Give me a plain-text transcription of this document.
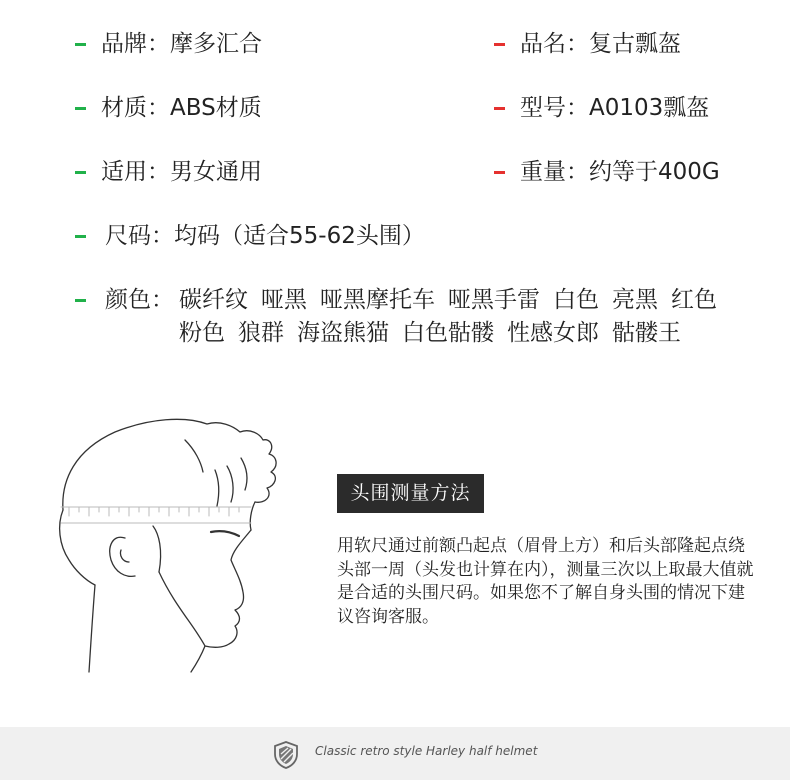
品牌：摩多汇合	品名：复古瓢盔
材质：ABS材质	型号：A0103瓢盔
适用：男女通用	重量：约等于400G
尺码：均码（适合55-62头围）
颜色： 碳纤纹 哑黑 哑黑摩托车 哑黑手雷 白色 亮黑 红色
粉色 狼群 海盗熊猫 白色骷髅 性感女郎 骷髅王
头围测量方法
用软尺通过前额凸起点（眉骨上方）和后头部隆起点绕头部一周（头发也计算在内），测量三次以上取最大值就是合适的头围尺码。如果您不了解自身头围的情况下建议咨询客服。
Classic retro style Harley half helmet
